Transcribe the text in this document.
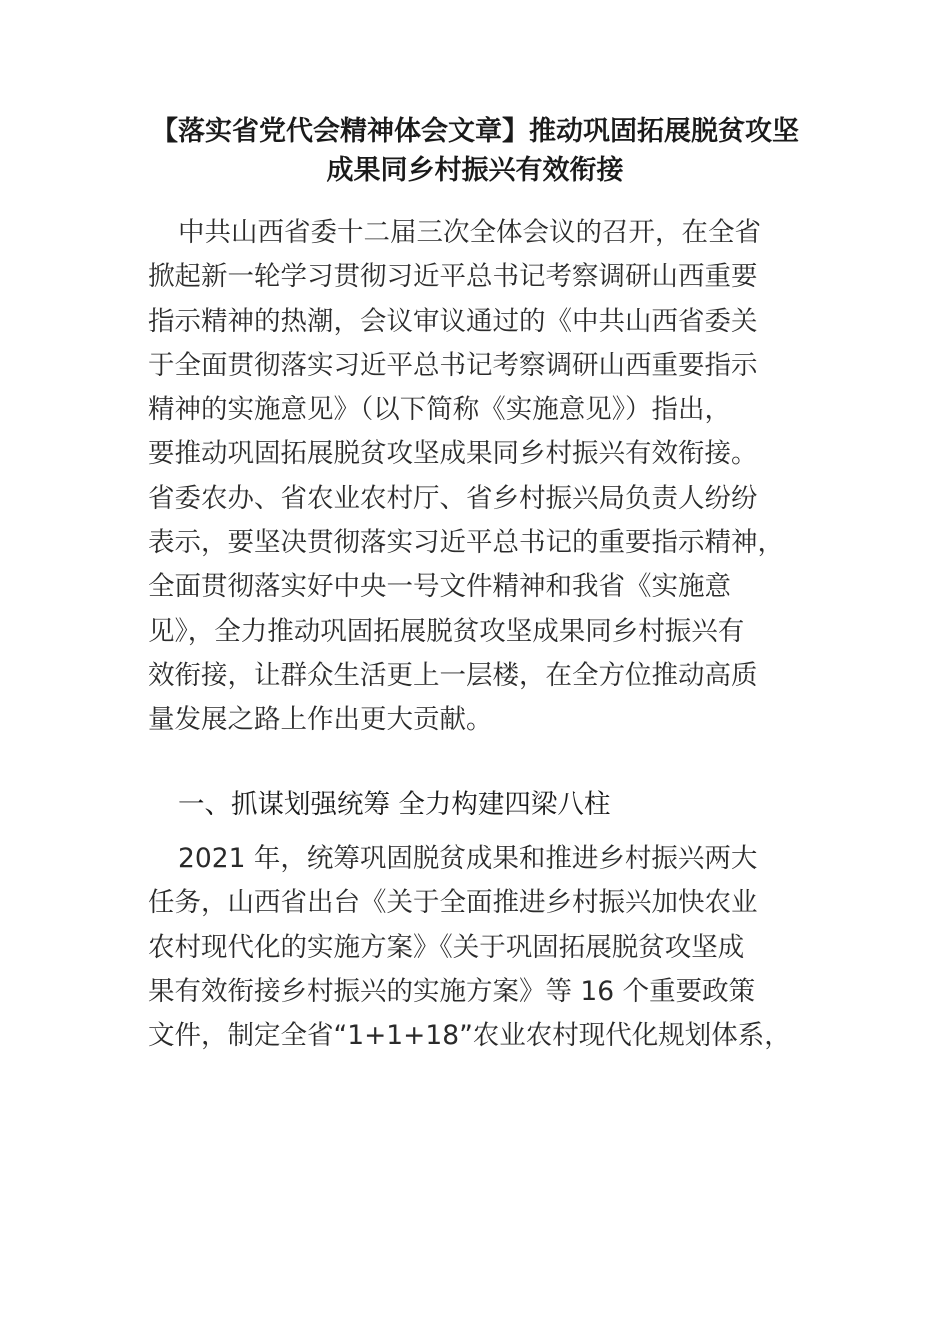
【落实省党代会精神体会文章】推动巩固拓展脱贫攻坚
成果同乡村振兴有效衔接
中共山西省委十二届三次全体会议的召开，在全省
掀起新一轮学习贯彻习近平总书记考察调研山西重要
指示精神的热潮，会议审议通过的《中共山西省委关
于全面贯彻落实习近平总书记考察调研山西重要指示
精神的实施意见》（以下简称《实施意见》）指出，
要推动巩固拓展脱贫攻坚成果同乡村振兴有效衔接。
省委农办、省农业农村厅、省乡村振兴局负责人纷纷
表示，要坚决贯彻落实习近平总书记的重要指示精神，
全面贯彻落实好中央一号文件精神和我省《实施意
见》，全力推动巩固拓展脱贫攻坚成果同乡村振兴有
效衔接，让群众生活更上一层楼，在全方位推动高质
量发展之路上作出更大贡献。
一、抓谋划强统筹 全力构建四梁八柱
2021 年，统筹巩固脱贫成果和推进乡村振兴两大
任务，山西省出台《关于全面推进乡村振兴加快农业
农村现代化的实施方案》《关于巩固拓展脱贫攻坚成
果有效衔接乡村振兴的实施方案》等 16 个重要政策
文件，制定全省“1+1+18”农业农村现代化规划体系，
